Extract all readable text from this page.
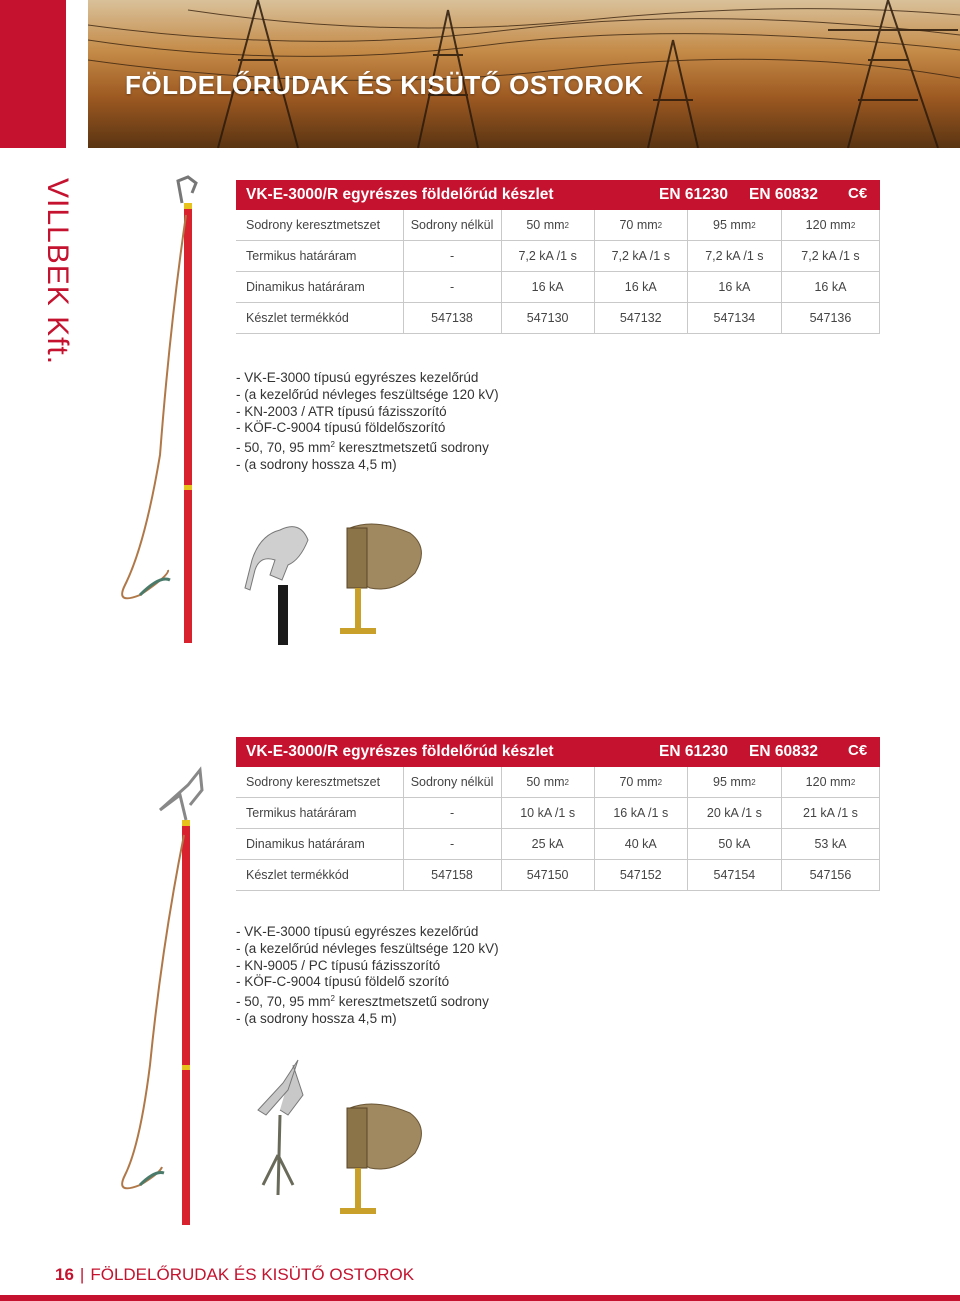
FÖLDELŐRUDAK ÉS KISÜTŐ OSTOROK
VILLBEK Kft.	VK-E-3000/R egyrészes földelőrúd készlet	EN 61230 EN 60832 C€
Sodrony keresztmetszet	Sodrony nélkül	50 mm 2	70 mm 2	95 mm 2	120 mm 2
Termikus határáram	-	7,2 kA /1 s	7,2 kA /1 s	7,2 kA /1 s	7,2 kA /1 s
Dinamikus határáram	-	16 kA	16 kA	16 kA	16 kA
Készlet termékkód	547138	547130	547132	547134	547136
- VK-E-3000 típusú egyrészes kezelőrúd
- (a kezelőrúd névleges feszültsége 120 kV)
- KN-2003 / ATR típusú fázisszorító
- KÖF-C-9004 típusú földelőszorító
- 50, 70, 95 $mm^2$ keresztmetszetű sodrony
- (a sodrony hossza 4,5 m)
VK-E-3000/R egyrészes földelőrúd készlet	EN 61230 EN 60832 C€
Sodrony keresztmetszet	Sodrony nélkül	50 mm 2	70 mm 2	95 mm 2	120 mm 2
Termikus határáram	-	10 kA /1 s	16 kA /1 s	20 kA /1 s	21 kA /1 s
Dinamikus határáram	-	25 kA	40 kA	50 kA	53 kA
Készlet termékkód	547158	547150	547152	547154	547156
- VK-E-3000 típusú egyrészes kezelőrúd
- (a kezelőrúd névleges feszültsége 120 kV)
- KN-9005 / PC típusú fázisszorító
- KÖF-C-9004 típusú földelő szorító
- 50, 70, 95 $mm^2$ keresztmetszetű sodrony
- (a sodrony hossza 4,5 m)
16 | FÖLDELŐRUDAK ÉS KISÜTŐ OSTOROK
